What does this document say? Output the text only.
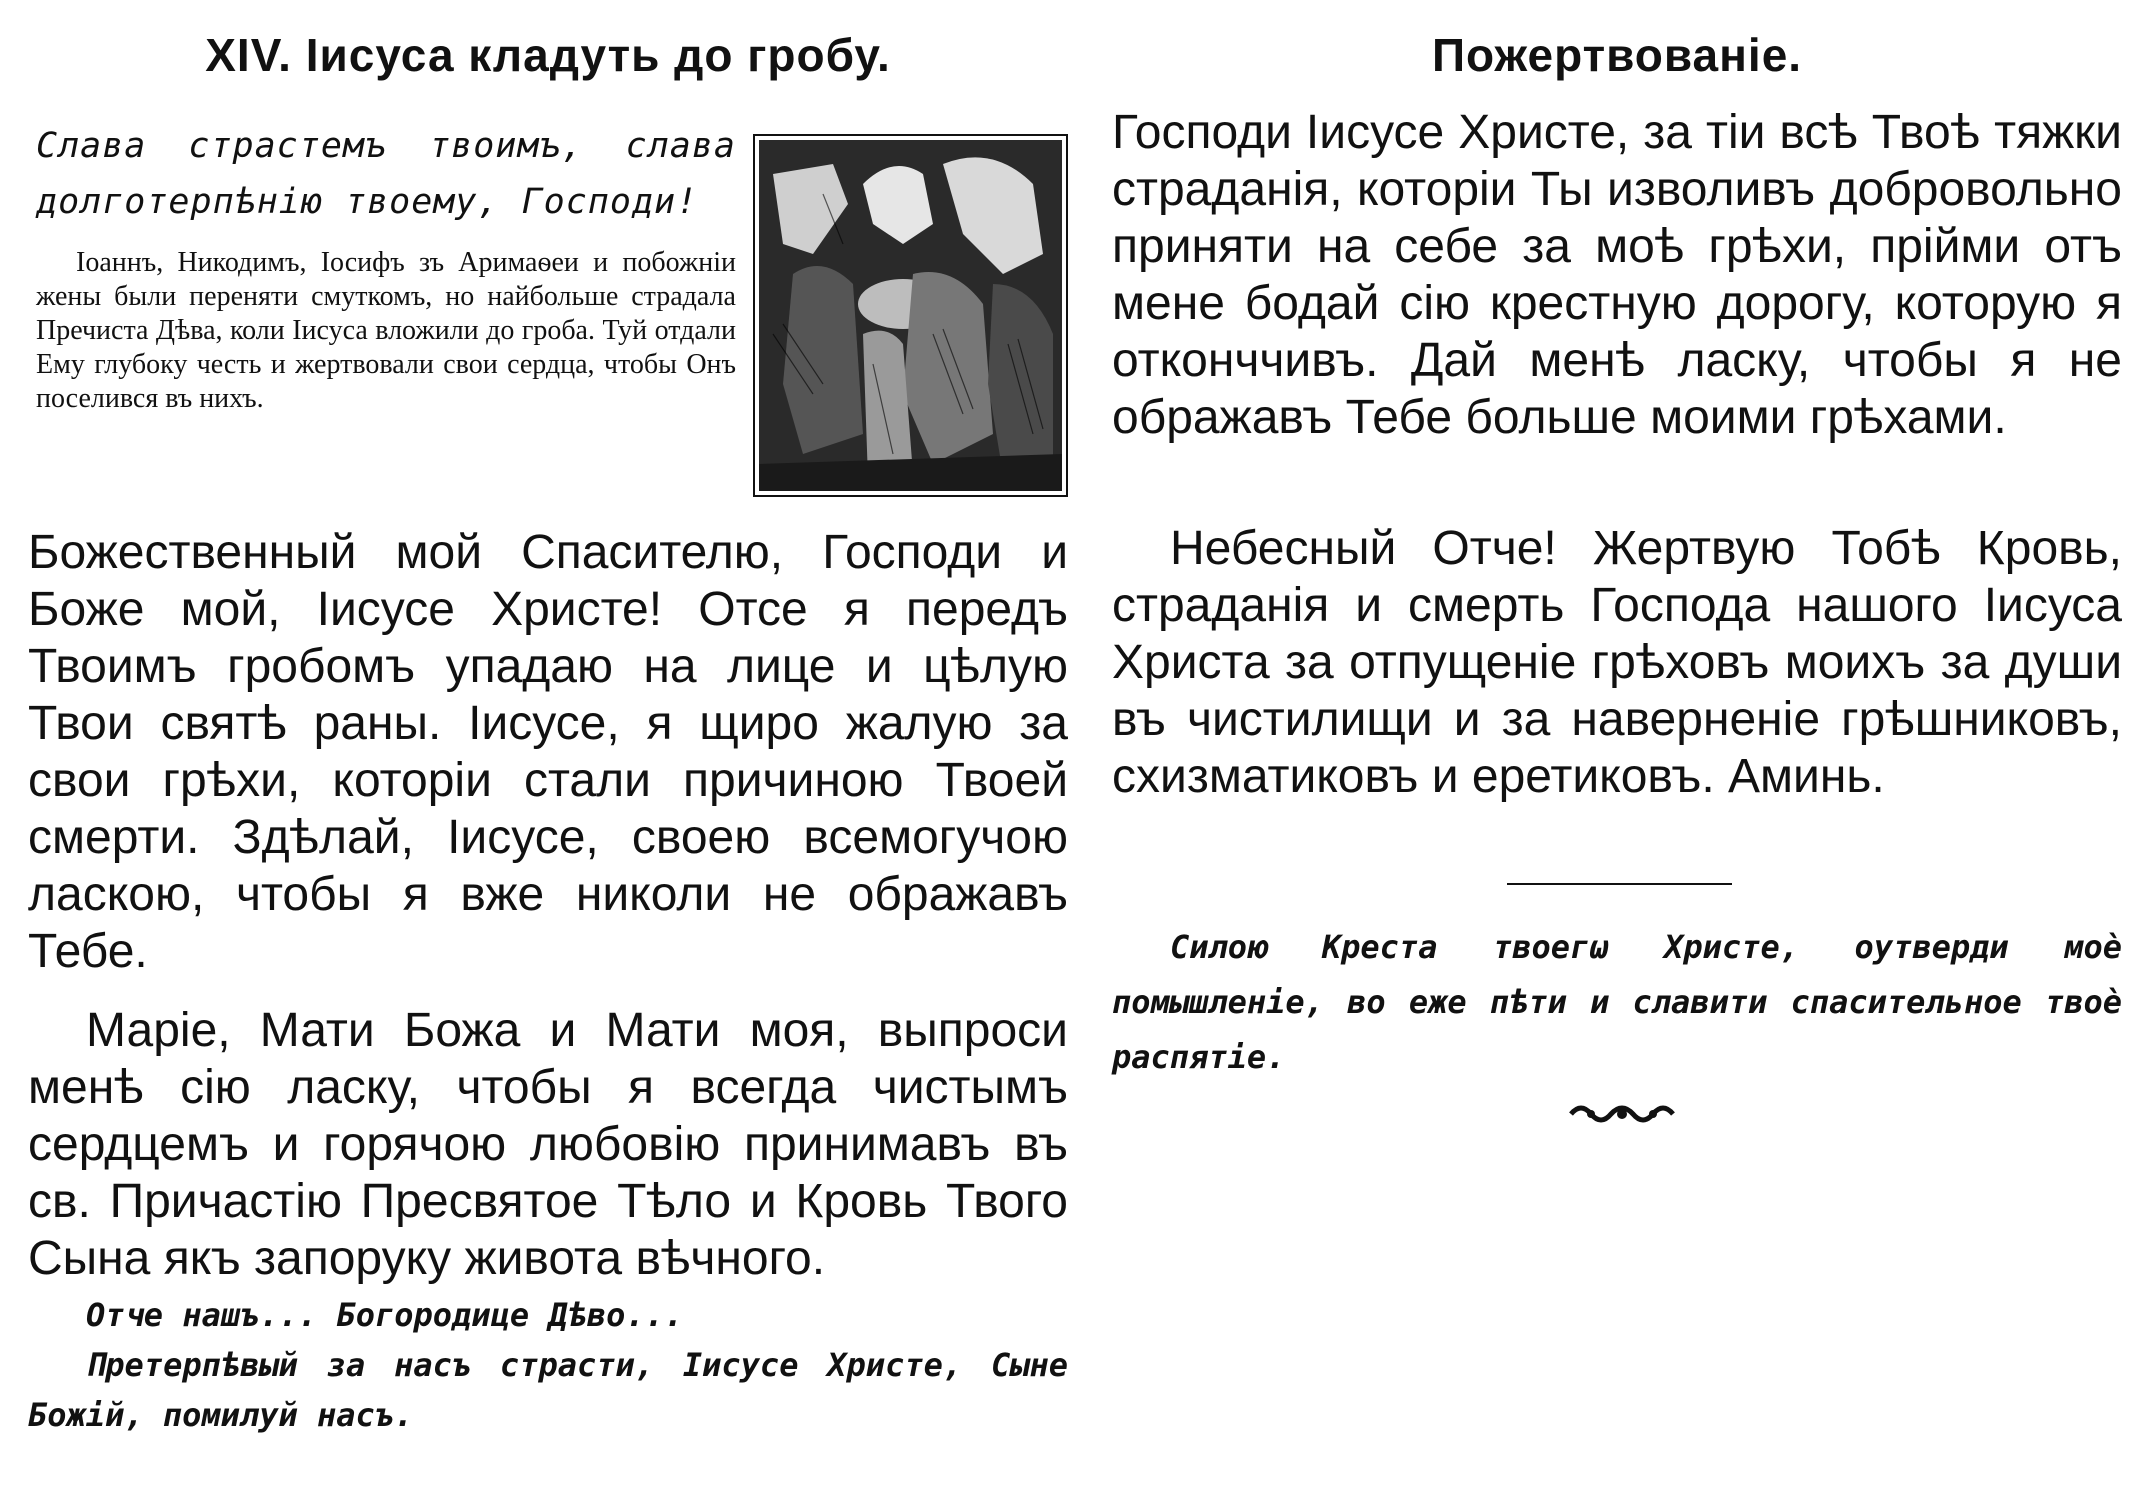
XIV. Іисуса кладуть до гробу.

Слава страстемъ твоимъ, слава долготерпѣнію твоему, Господи!

Іоаннъ, Никодимъ, Іосифъ зъ Аримаѳеи и побожніи жены были переняти смуткомъ, но найбольше страдала Пречиста Дѣва, коли Іисуса вложили до гроба. Туй отдали Ему глубоку честь и жертвовали свои сердца, чтобы Онъ поселився въ нихъ.

Божественный мой Спасителю, Господи и Боже мой, Іисусе Христе! Отсе я передъ Твоимъ гробомъ упадаю на лице и цѣлую Твои святѣ раны. Іисусе, я щиро жалую за свои грѣхи, которіи стали причиною Твоей смерти. Здѣлай, Іисусе, своею всемогучою ласкою, чтобы я вже николи не ображавъ Тебе.

Маріе, Мати Божа и Мати моя, выпроси менѣ сію ласку, чтобы я всегда чистымъ сердцемъ и горячою любовію принимавъ въ св. Причастію Пресвятое Тѣло и Кровь Твого Сына якъ запоруку живота вѣчного.

Отче нашъ... Богородице Дѣво...

Претерпѣвый за насъ страсти, Іисусе Христе, Сыне Божій, помилуй насъ.

Пожертвованіе.

Господи Іисусе Христе, за тіи всѣ Твоѣ тяжки страданія, которіи Ты изволивъ добровольно приняти на себе за моѣ грѣхи, прійми отъ мене бодай сію крестную дорогу, которую я отконччивъ. Дай менѣ ласку, чтобы я не ображавъ Тебе больше моими грѣхами.

Небесный Отче! Жертвую Тобѣ Кровь, страданія и смерть Господа нашого Іисуса Христа за отпущеніе грѣховъ моихъ за души въ чистилищи и за наверненіе грѣшниковъ, схизматиковъ и еретиковъ. Аминь.

Силою Креста твоегω Христе, оутверди моѐ помышленіе, во еже пѣти и славити спасительное твоѐ распятіе.
